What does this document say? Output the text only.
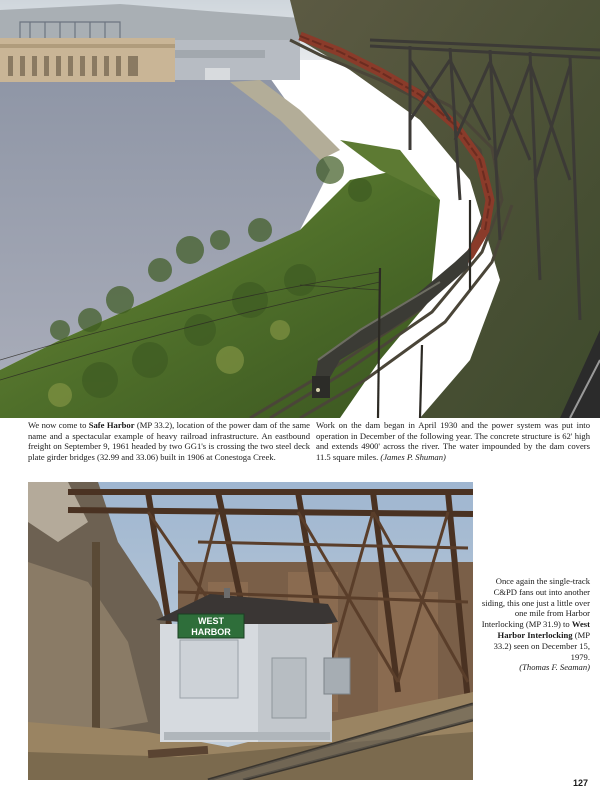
We now come to Safe Harbor (MP 33.2), location of the power dam of the same name and a spectacular example of heavy railroad infrastructure. An eastbound freight on September 9, 1961 headed by two GG1's is crossing the two steel deck plate girder bridges (32.99 and 33.06) built in 1906 at Conestoga Creek.
Work on the dam began in April 1930 and the power system was put into operation in December of the following year. The concrete structure is 62' high and extends 4900' across the river. The water impounded by the dam covers 11.5 square miles. (James P. Shuman)
WEST
HARBOR
Once again the single-track C&PD fans out into another siding, this one just a little over one mile from Harbor Interlocking (MP 31.9) to West Harbor Interlocking (MP 33.2) seen on December 15, 1979.
(Thomas F. Seaman)
127
